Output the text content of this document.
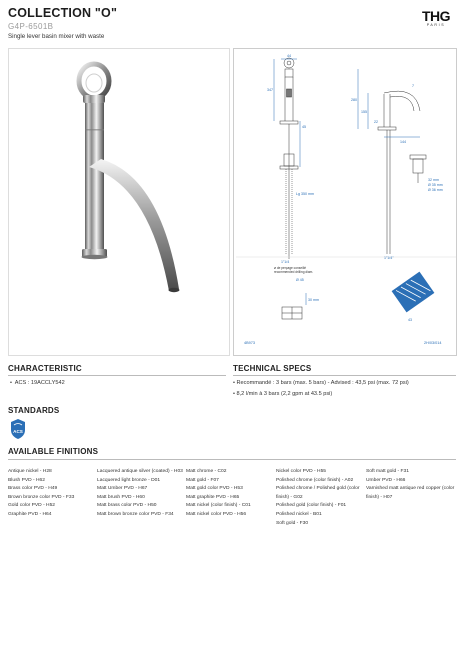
COLLECTION "O"
G4P-6501B
Single lever basin mixer with waste
THG
PARIS
44
347
45
280
155
144
7
22
Lg 350 mm
1"1/4
Ø 45
32 mm
Ø 35 mm
Ø 36 mm
30 mm
43
1"1/4"
ø de perçage conseillé
recommended drilling diam.
4B973	2H/03/014
CHARACTERISTIC
•  ACS : 19ACCLY542
TECHNICAL SPECS
• Recommandé : 3 bars (max. 5 bars) - Advised : 43,5 psi (max. 72 psi)
• 8,2 l/min à 3 bars (2,2 gpm at 43.5 psi)
STANDARDS
ACS
AVAILABLE FINITIONS
Antique nickel - H28
Blush PVD - H62
Brass color PVD - H49
Brown bronze color PVD - F33
Gold color PVD - H52
Graphite PVD - H64
Lacquered antique silver (coated) - H03
Lacquered light bronze - D01
Matt Umber PVD - H67
Matt brush PVD - H60
Matt brass color PVD - H50
Matt brown bronze color PVD - F34
Matt chrome - C02
Matt gold - F07
Matt gold color PVD - H53
Matt graphite PVD - H65
Matt nickel (color finish) - C01
Matt nickel color PVD - H56
Nickel color PVD - H55
Polished chrome (color finish) - A02
Polished chrome / Polished gold (color finish) - G02
Polished gold (color finish) - F01
Polished nickel - B01
Soft gold - F30
Soft matt gold - F31
Umber PVD - H66
Varnished matt antique red copper (color finish) - H07
